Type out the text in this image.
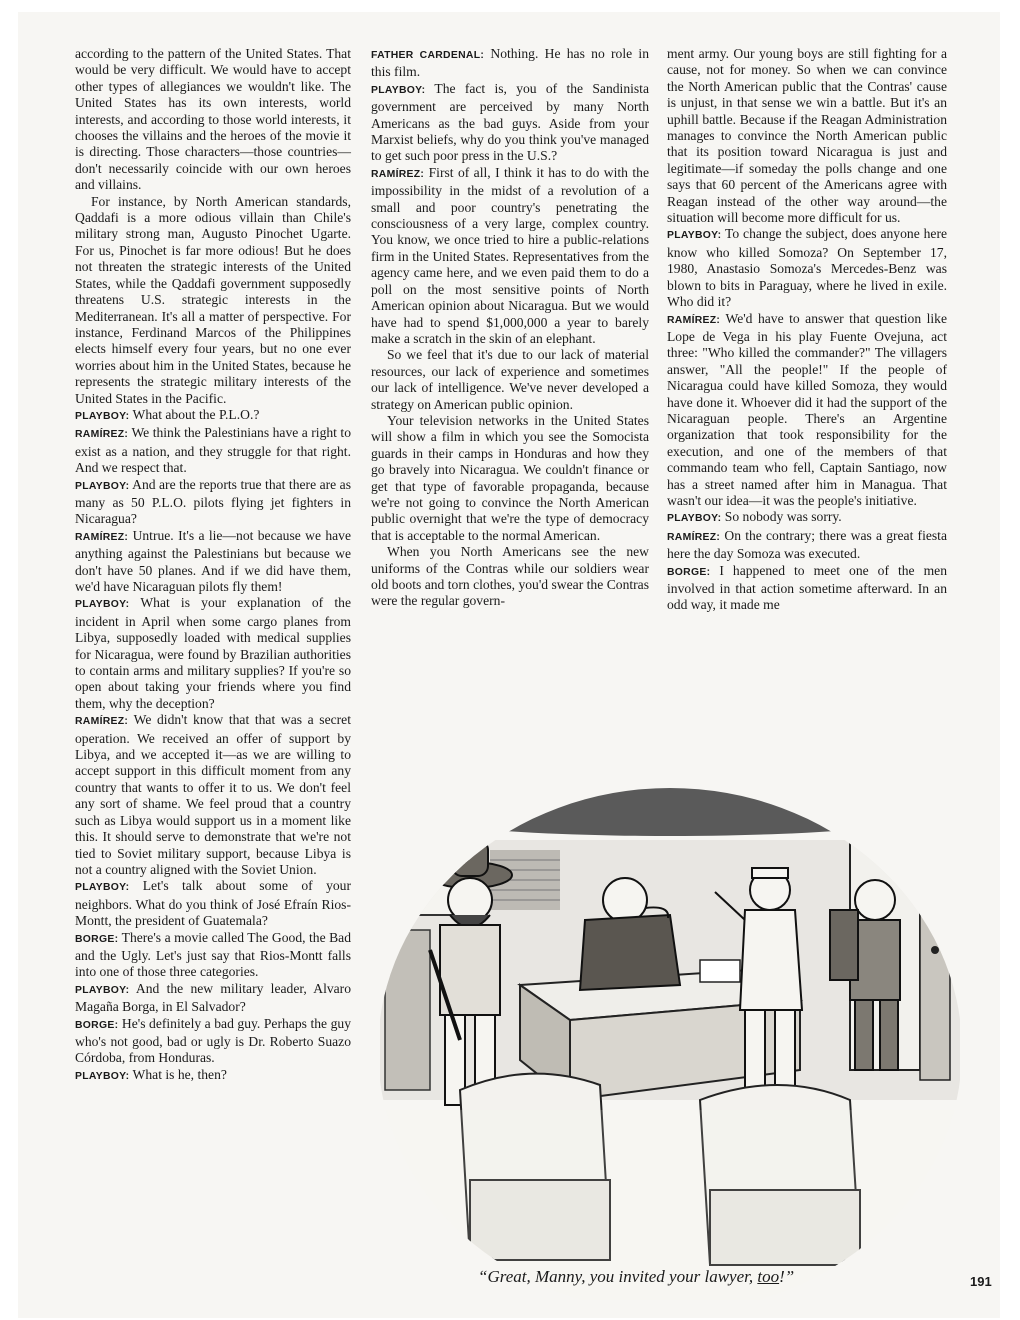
according to the pattern of the United States. That would be very difficult. We would have to accept other types of allegiances we wouldn't like. The United States has its own interests, world interests, and according to those world interests, it chooses the villains and the heroes of the movie it is directing. Those characters—those countries—don't necessarily coincide with our own heroes and villains.

For instance, by North American standards, Qaddafi is a more odious villain than Chile's military strong man, Augusto Pinochet Ugarte. For us, Pinochet is far more odious! But he does not threaten the strategic interests of the United States, while the Qaddafi government supposedly threatens U.S. strategic interests in the Mediterranean. It's all a matter of perspective. For instance, Ferdinand Marcos of the Philippines elects himself every four years, but no one ever worries about him in the United States, because he represents the strategic military interests of the United States in the Pacific.

PLAYBOY: What about the P.L.O.?

RAMÍREZ: We think the Palestinians have a right to exist as a nation, and they struggle for that right. And we respect that.

PLAYBOY: And are the reports true that there are as many as 50 P.L.O. pilots flying jet fighters in Nicaragua?

RAMÍREZ: Untrue. It's a lie—not because we have anything against the Palestinians but because we don't have 50 planes. And if we did have them, we'd have Nicaraguan pilots fly them!

PLAYBOY: What is your explanation of the incident in April when some cargo planes from Libya, supposedly loaded with medical supplies for Nicaragua, were found by Brazilian authorities to contain arms and military supplies? If you're so open about taking your friends where you find them, why the deception?

RAMÍREZ: We didn't know that that was a secret operation. We received an offer of support by Libya, and we accepted it—as we are willing to accept support in this difficult moment from any country that wants to offer it to us. We don't feel any sort of shame. We feel proud that a country such as Libya would support us in a moment like this. It should serve to demonstrate that we're not tied to Soviet military support, because Libya is not a country aligned with the Soviet Union.

PLAYBOY: Let's talk about some of your neighbors. What do you think of José Efraín Rios-Montt, the president of Guatemala?

BORGE: There's a movie called The Good, the Bad and the Ugly. Let's just say that Rios-Montt falls into one of those three categories.

PLAYBOY: And the new military leader, Alvaro Magaña Borga, in El Salvador?

BORGE: He's definitely a bad guy. Perhaps the guy who's not good, bad or ugly is Dr. Roberto Suazo Córdoba, from Honduras.

PLAYBOY: What is he, then?

FATHER CARDENAL: Nothing. He has no role in this film.

PLAYBOY: The fact is, you of the Sandinista government are perceived by many North Americans as the bad guys. Aside from your Marxist beliefs, why do you think you've managed to get such poor press in the U.S.?

RAMÍREZ: First of all, I think it has to do with the impossibility in the midst of a revolution of a small and poor country's penetrating the consciousness of a very large, complex country. You know, we once tried to hire a public-relations firm in the United States. Representatives from the agency came here, and we even paid them to do a poll on the most sensitive points of North American opinion about Nicaragua. But we would have had to spend $1,000,000 a year to barely make a scratch in the skin of an elephant.

So we feel that it's due to our lack of material resources, our lack of experience and sometimes our lack of intelligence. We've never developed a strategy on American public opinion.

Your television networks in the United States will show a film in which you see the Somocista guards in their camps in Honduras and how they go bravely into Nicaragua. We couldn't finance or get that type of favorable propaganda, because we're not going to convince the North American public overnight that we're the type of democracy that is acceptable to the normal American.

When you North Americans see the new uniforms of the Contras while our soldiers wear old boots and torn clothes, you'd swear the Contras were the regular govern-

ment army. Our young boys are still fighting for a cause, not for money. So when we can convince the North American public that the Contras' cause is unjust, in that sense we win a battle. But it's an uphill battle. Because if the Reagan Administration manages to convince the North American public that its position toward Nicaragua is just and legitimate—if someday the polls change and one says that 60 percent of the Americans agree with Reagan instead of the other way around—the situation will become more difficult for us.

PLAYBOY: To change the subject, does anyone here know who killed Somoza? On September 17, 1980, Anastasio Somoza's Mercedes-Benz was blown to bits in Paraguay, where he lived in exile. Who did it?

RAMÍREZ: We'd have to answer that question like Lope de Vega in his play Fuente Ovejuna, act three: "Who killed the commander?" The villagers answer, "All the people!" If the people of Nicaragua could have killed Somoza, they would have done it. Whoever did it had the support of the Nicaraguan people. There's an Argentine organization that took responsibility for the execution, and one of the members of that commando team who fell, Captain Santiago, now has a street named after him in Managua. That wasn't our idea—it was the people's initiative.

PLAYBOY: So nobody was sorry.

RAMÍREZ: On the contrary; there was a great fiesta here the day Somoza was executed.

BORGE: I happened to meet one of the men involved in that action sometime afterward. In an odd way, it made me

“Great, Manny, you invited your lawyer, too!”	191
